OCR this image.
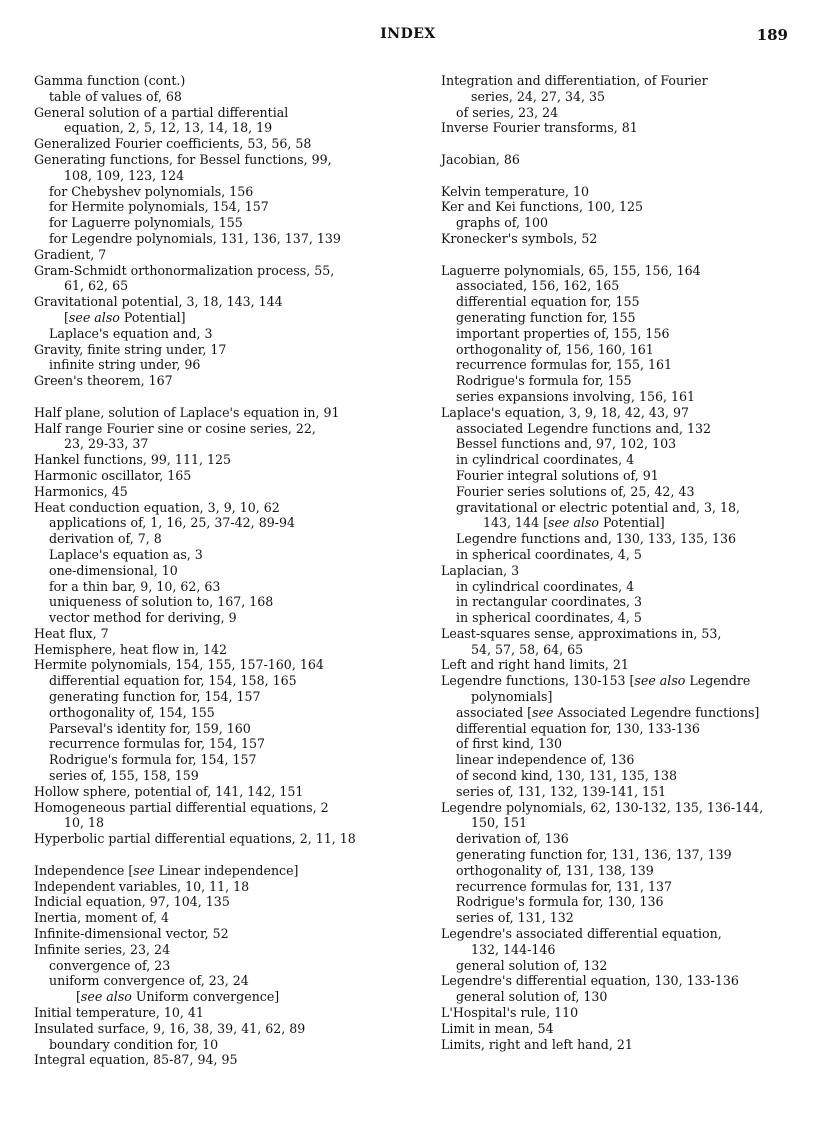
INDEX	189
Gamma function (cont.)
table of values of, 68
General solution of a partial differential
equation, 2, 5, 12, 13, 14, 18, 19
Generalized Fourier coefficients, 53, 56, 58
Generating functions, for Bessel functions, 99,
108, 109, 123, 124
for Chebyshev polynomials, 156
for Hermite polynomials, 154, 157
for Laguerre polynomials, 155
for Legendre polynomials, 131, 136, 137, 139
Gradient, 7
Gram-Schmidt orthonormalization process, 55,
61, 62, 65
Gravitational potential, 3, 18, 143, 144
[see also Potential]
Laplace's equation and, 3
Gravity, finite string under, 17
infinite string under, 96
Green's theorem, 167
Half plane, solution of Laplace's equation in, 91
Half range Fourier sine or cosine series, 22,
23, 29-33, 37
Hankel functions, 99, 111, 125
Harmonic oscillator, 165
Harmonics, 45
Heat conduction equation, 3, 9, 10, 62
applications of, 1, 16, 25, 37-42, 89-94
derivation of, 7, 8
Laplace's equation as, 3
one-dimensional, 10
for a thin bar, 9, 10, 62, 63
uniqueness of solution to, 167, 168
vector method for deriving, 9
Heat flux, 7
Hemisphere, heat flow in, 142
Hermite polynomials, 154, 155, 157-160, 164
differential equation for, 154, 158, 165
generating function for, 154, 157
orthogonality of, 154, 155
Parseval's identity for, 159, 160
recurrence formulas for, 154, 157
Rodrigue's formula for, 154, 157
series of, 155, 158, 159
Hollow sphere, potential of, 141, 142, 151
Homogeneous partial differential equations, 2
10, 18
Hyperbolic partial differential equations, 2, 11, 18
Independence [see Linear independence]
Independent variables, 10, 11, 18
Indicial equation, 97, 104, 135
Inertia, moment of, 4
Infinite-dimensional vector, 52
Infinite series, 23, 24
convergence of, 23
uniform convergence of, 23, 24
[see also Uniform convergence]
Initial temperature, 10, 41
Insulated surface, 9, 16, 38, 39, 41, 62, 89
boundary condition for, 10
Integral equation, 85-87, 94, 95
Integration and differentiation, of Fourier
series, 24, 27, 34, 35
of series, 23, 24
Inverse Fourier transforms, 81
Jacobian, 86
Kelvin temperature, 10
Ker and Kei functions, 100, 125
graphs of, 100
Kronecker's symbols, 52
Laguerre polynomials, 65, 155, 156, 164
associated, 156, 162, 165
differential equation for, 155
generating function for, 155
important properties of, 155, 156
orthogonality of, 156, 160, 161
recurrence formulas for, 155, 161
Rodrigue's formula for, 155
series expansions involving, 156, 161
Laplace's equation, 3, 9, 18, 42, 43, 97
associated Legendre functions and, 132
Bessel functions and, 97, 102, 103
in cylindrical coordinates, 4
Fourier integral solutions of, 91
Fourier series solutions of, 25, 42, 43
gravitational or electric potential and, 3, 18,
143, 144 [see also Potential]
Legendre functions and, 130, 133, 135, 136
in spherical coordinates, 4, 5
Laplacian, 3
in cylindrical coordinates, 4
in rectangular coordinates, 3
in spherical coordinates, 4, 5
Least-squares sense, approximations in, 53,
54, 57, 58, 64, 65
Left and right hand limits, 21
Legendre functions, 130-153 [see also Legendre
polynomials]
associated [see Associated Legendre functions]
differential equation for, 130, 133-136
of first kind, 130
linear independence of, 136
of second kind, 130, 131, 135, 138
series of, 131, 132, 139-141, 151
Legendre polynomials, 62, 130-132, 135, 136-144,
150, 151
derivation of, 136
generating function for, 131, 136, 137, 139
orthogonality of, 131, 138, 139
recurrence formulas for, 131, 137
Rodrigue's formula for, 130, 136
series of, 131, 132
Legendre's associated differential equation,
132, 144-146
general solution of, 132
Legendre's differential equation, 130, 133-136
general solution of, 130
L'Hospital's rule, 110
Limit in mean, 54
Limits, right and left hand, 21
